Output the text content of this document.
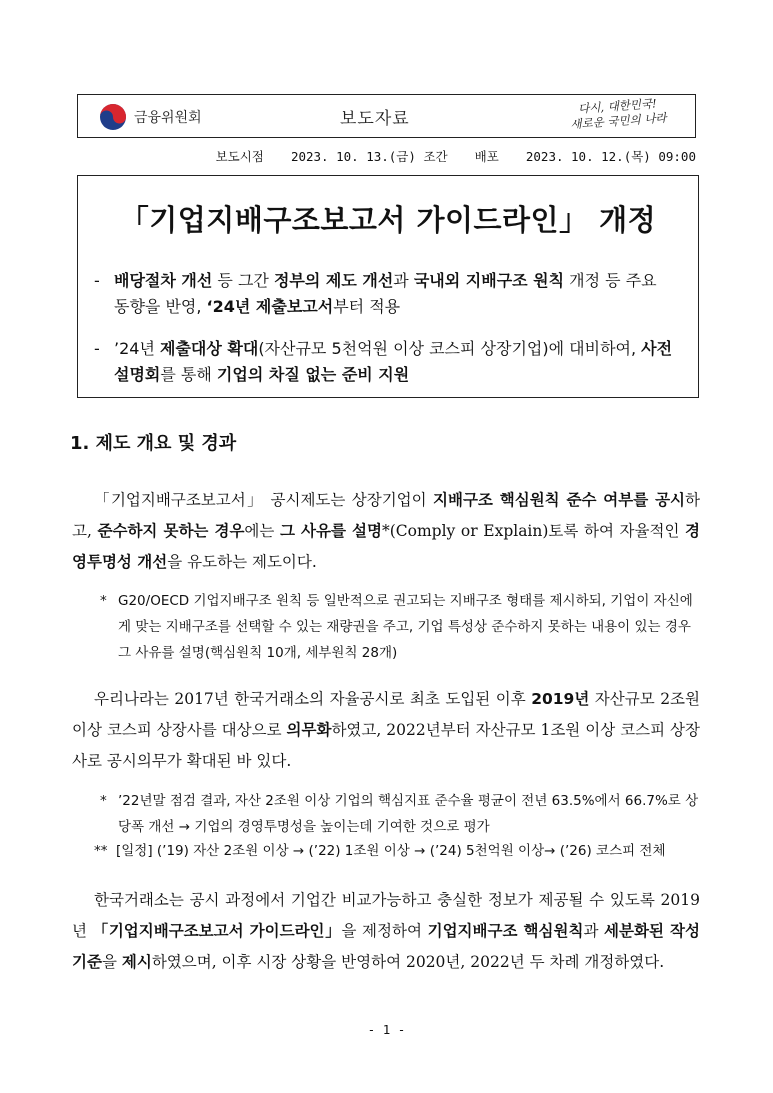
금융위원회	보도자료
다시, 대한민국!
새로운 국민의 나라
보도시점 2023. 10. 13.(금) 조간 배포 2023. 10. 12.(목) 09:00
「기업지배구조보고서 가이드라인」 개정
- 배당절차 개선 등 그간 정부의 제도 개선과 국내외 지배구조 원칙 개정 등 주요 동향을 반영, ‘24년 제출보고서부터 적용
- ’24년 제출대상 확대(자산규모 5천억원 이상 코스피 상장기업)에 대비하여, 사전 설명회를 통해 기업의 차질 없는 준비 지원
1. 제도 개요 및 경과
「기업지배구조보고서」 공시제도는 상장기업이 지배구조 핵심원칙 준수 여부를 공시하고, 준수하지 못하는 경우에는 그 사유를 설명*(Comply or Explain)토록 하여 자율적인 경영투명성 개선을 유도하는 제도이다.
* G20/OECD 기업지배구조 원칙 등 일반적으로 권고되는 지배구조 형태를 제시하되, 기업이 자신에게 맞는 지배구조를 선택할 수 있는 재량권을 주고, 기업 특성상 준수하지 못하는 내용이 있는 경우 그 사유를 설명(핵심원칙 10개, 세부원칙 28개)
우리나라는 2017년 한국거래소의 자율공시로 최초 도입된 이후 2019년 자산규모 2조원 이상 코스피 상장사를 대상으로 의무화하였고, 2022년부터 자산규모 1조원 이상 코스피 상장사로 공시의무가 확대된 바 있다.
* ’22년말 점검 결과, 자산 2조원 이상 기업의 핵심지표 준수율 평균이 전년 63.5%에서 66.7%로 상당폭 개선 → 기업의 경영투명성을 높이는데 기여한 것으로 평가
** [일정] (’19) 자산 2조원 이상 → (’22) 1조원 이상 → (’24) 5천억원 이상→ (’26) 코스피 전체
한국거래소는 공시 과정에서 기업간 비교가능하고 충실한 정보가 제공될 수 있도록 2019년 「기업지배구조보고서 가이드라인」을 제정하여 기업지배구조 핵심원칙과 세분화된 작성기준을 제시하였으며, 이후 시장 상황을 반영하여 2020년, 2022년 두 차례 개정하였다.
- 1 -
